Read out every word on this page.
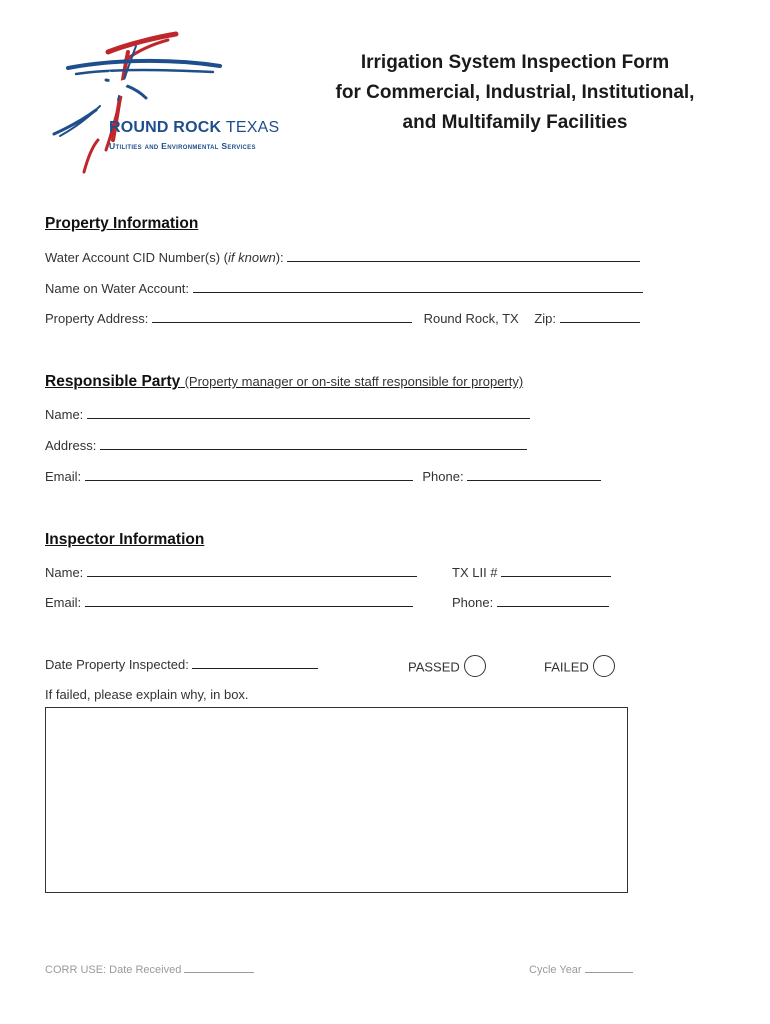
ROUND ROCK TEXAS
Utilities and Environmental Services
Irrigation System Inspection Form
for Commercial, Industrial, Institutional,
and Multifamily Facilities
Property Information
Water Account CID Number(s) (if known):
Name on Water Account:
Property Address:	Round Rock, TX Zip:
Responsible Party (Property manager or on-site staff responsible for property)
Name:
Address:
Email:	Phone:
Inspector Information
Name:	TX LII #
Email:	Phone:
Date Property Inspected:	PASSED	FAILED
If failed, please explain why, in box.
CORR USE: Date Received	Cycle Year
